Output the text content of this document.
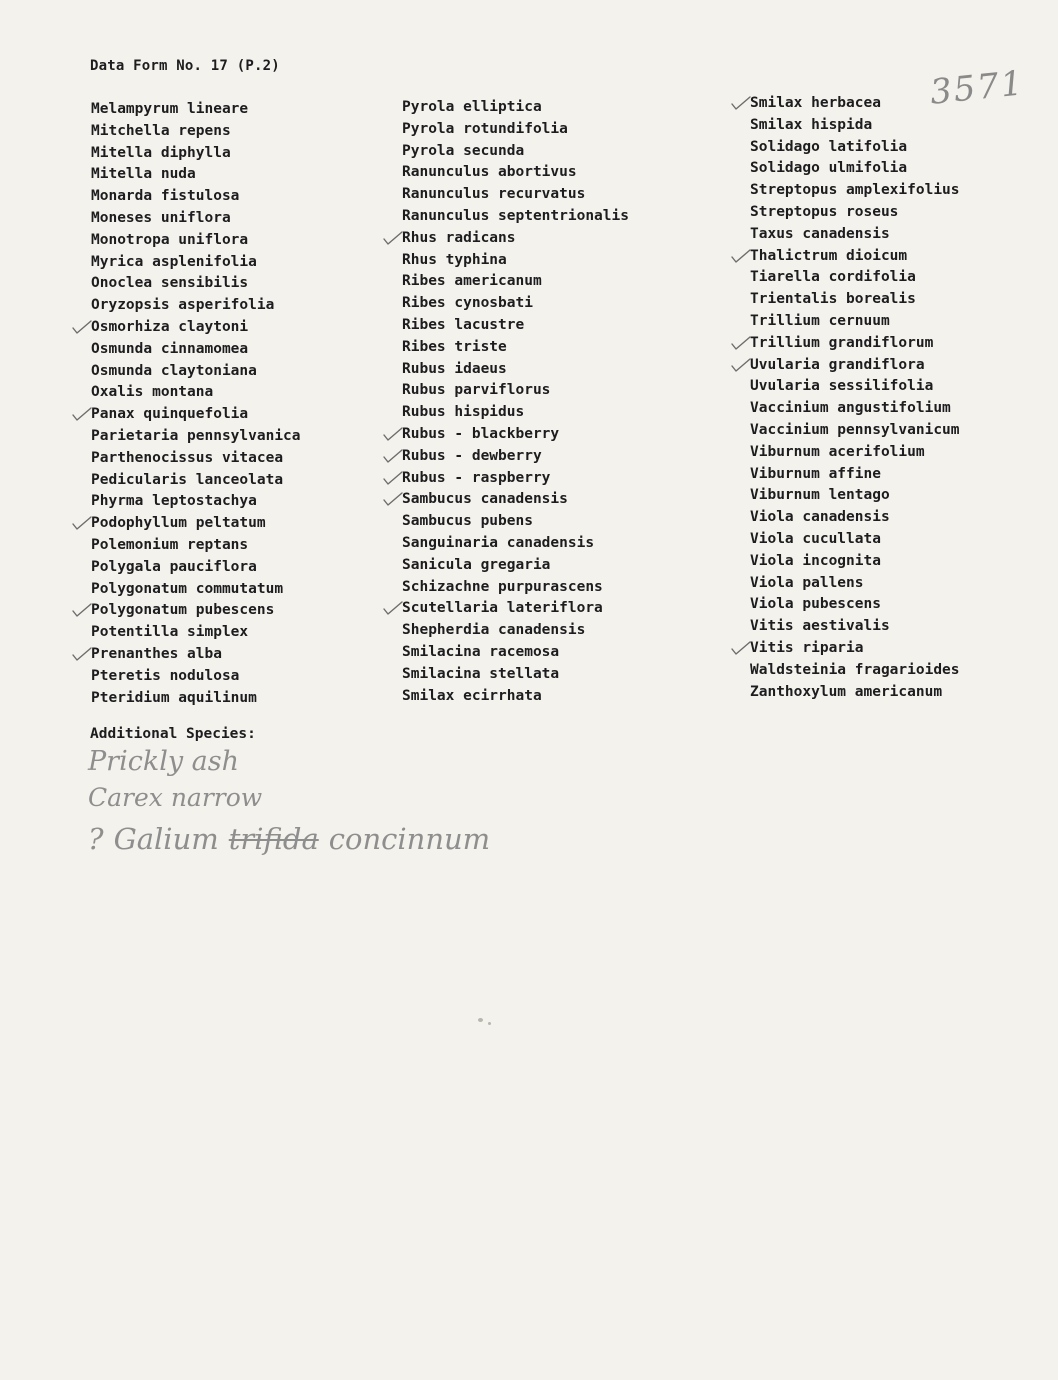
Data Form No. 17 (P.2)	3571
Melampyrum lineare
Mitchella repens
Mitella diphylla
Mitella nuda
Monarda fistulosa
Moneses uniflora
Monotropa uniflora
Myrica asplenifolia
Onoclea sensibilis
Oryzopsis asperifolia
Osmorhiza claytoni
Osmunda cinnamomea
Osmunda claytoniana
Oxalis montana
Panax quinquefolia
Parietaria pennsylvanica
Parthenocissus vitacea
Pedicularis lanceolata
Phyrma leptostachya
Podophyllum peltatum
Polemonium reptans
Polygala pauciflora
Polygonatum commutatum
Polygonatum pubescens
Potentilla simplex
Prenanthes alba
Pteretis nodulosa
Pteridium aquilinum
Pyrola elliptica
Pyrola rotundifolia
Pyrola secunda
Ranunculus abortivus
Ranunculus recurvatus
Ranunculus septentrionalis
Rhus radicans
Rhus typhina
Ribes americanum
Ribes cynosbati
Ribes lacustre
Ribes triste
Rubus idaeus
Rubus parviflorus
Rubus hispidus
Rubus - blackberry
Rubus - dewberry
Rubus - raspberry
Sambucus canadensis
Sambucus pubens
Sanguinaria canadensis
Sanicula gregaria
Schizachne purpurascens
Scutellaria lateriflora
Shepherdia canadensis
Smilacina racemosa
Smilacina stellata
Smilax ecirrhata
Smilax herbacea
Smilax hispida
Solidago latifolia
Solidago ulmifolia
Streptopus amplexifolius
Streptopus roseus
Taxus canadensis
Thalictrum dioicum
Tiarella cordifolia
Trientalis borealis
Trillium cernuum
Trillium grandiflorum
Uvularia grandiflora
Uvularia sessilifolia
Vaccinium angustifolium
Vaccinium pennsylvanicum
Viburnum acerifolium
Viburnum affine
Viburnum lentago
Viola canadensis
Viola cucullata
Viola incognita
Viola pallens
Viola pubescens
Vitis aestivalis
Vitis riparia
Waldsteinia fragarioides
Zanthoxylum americanum
Additional Species:
Prickly ash
Carex narrow
? Galium trifida concinnum
